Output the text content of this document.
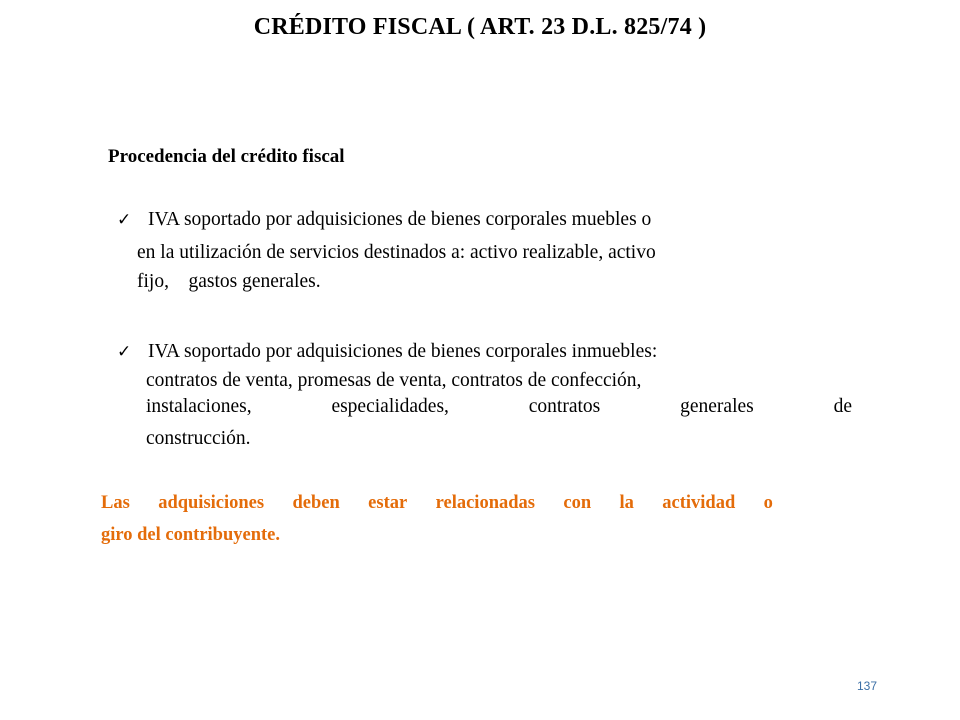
CRÉDITO FISCAL ( ART. 23 D.L. 825/74 )
Procedencia del crédito fiscal
✓ IVA soportado por adquisiciones de bienes corporales muebles o
en la utilización de servicios destinados a: activo realizable, activo
fijo,    gastos generales.
✓ IVA soportado por adquisiciones de bienes corporales inmuebles:
contratos de venta, promesas de venta, contratos de confección,
instalaciones,	especialidades,	contratos	generales	de
construcción.
Las adquisiciones deben estar relacionadas con la actividad o
giro del contribuyente.
137
